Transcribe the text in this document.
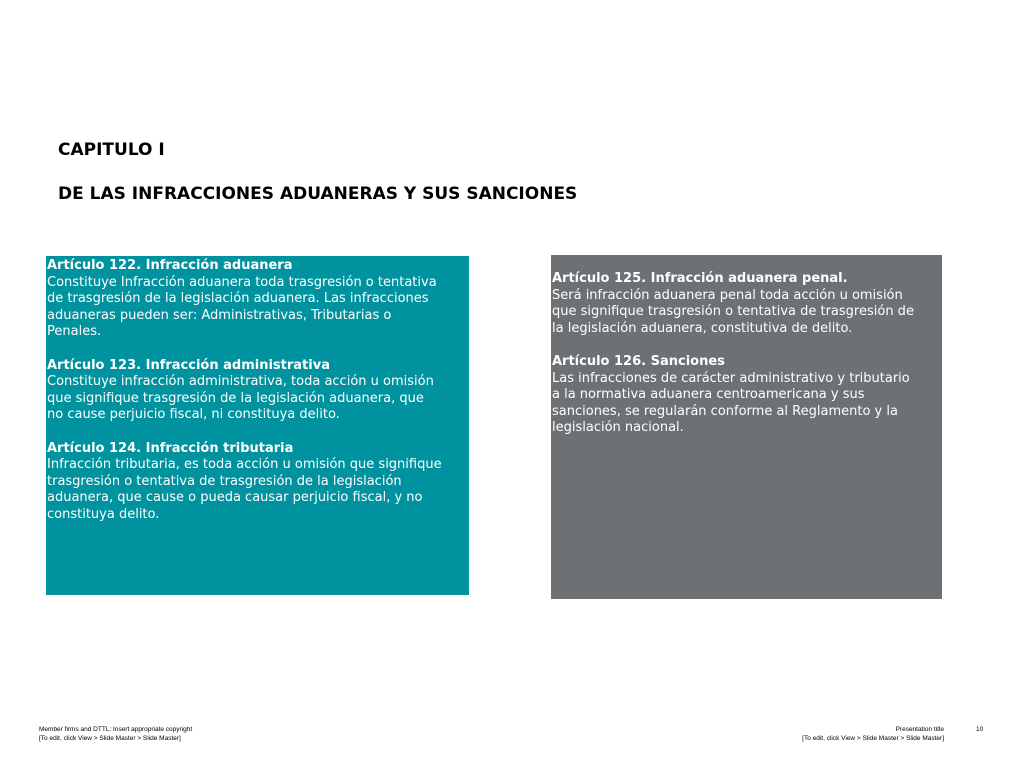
CAPITULO I
DE LAS INFRACCIONES ADUANERAS Y SUS SANCIONES
Artículo 122. Infracción aduanera
Constituye Infracción aduanera toda trasgresión o tentativa
de trasgresión de la legislación aduanera. Las infracciones
aduaneras pueden ser: Administrativas, Tributarias o
Penales.
Artículo 123. Infracción administrativa
Constituye infracción administrativa, toda acción u omisión
que signifique trasgresión de la legislación aduanera, que
no cause perjuicio fiscal, ni constituya delito.
Artículo 124. Infracción tributaria
Infracción tributaria, es toda acción u omisión que signifique
trasgresión o tentativa de trasgresión de la legislación
aduanera, que cause o pueda causar perjuicio fiscal, y no
constituya delito.
Artículo 125. Infracción aduanera penal.
Será infracción aduanera penal toda acción u omisión
que signifique trasgresión o tentativa de trasgresión de
la legislación aduanera, constitutiva de delito.
Artículo 126. Sanciones
Las infracciones de carácter administrativo y tributario
a la normativa aduanera centroamericana y sus
sanciones, se regularán conforme al Reglamento y la
legislación nacional.
Member firms and DTTL: Insert appropriate copyright
[To edit, click View > Slide Master > Slide Master]
Presentation title
[To edit, click View > Slide Master > Slide Master]
10
